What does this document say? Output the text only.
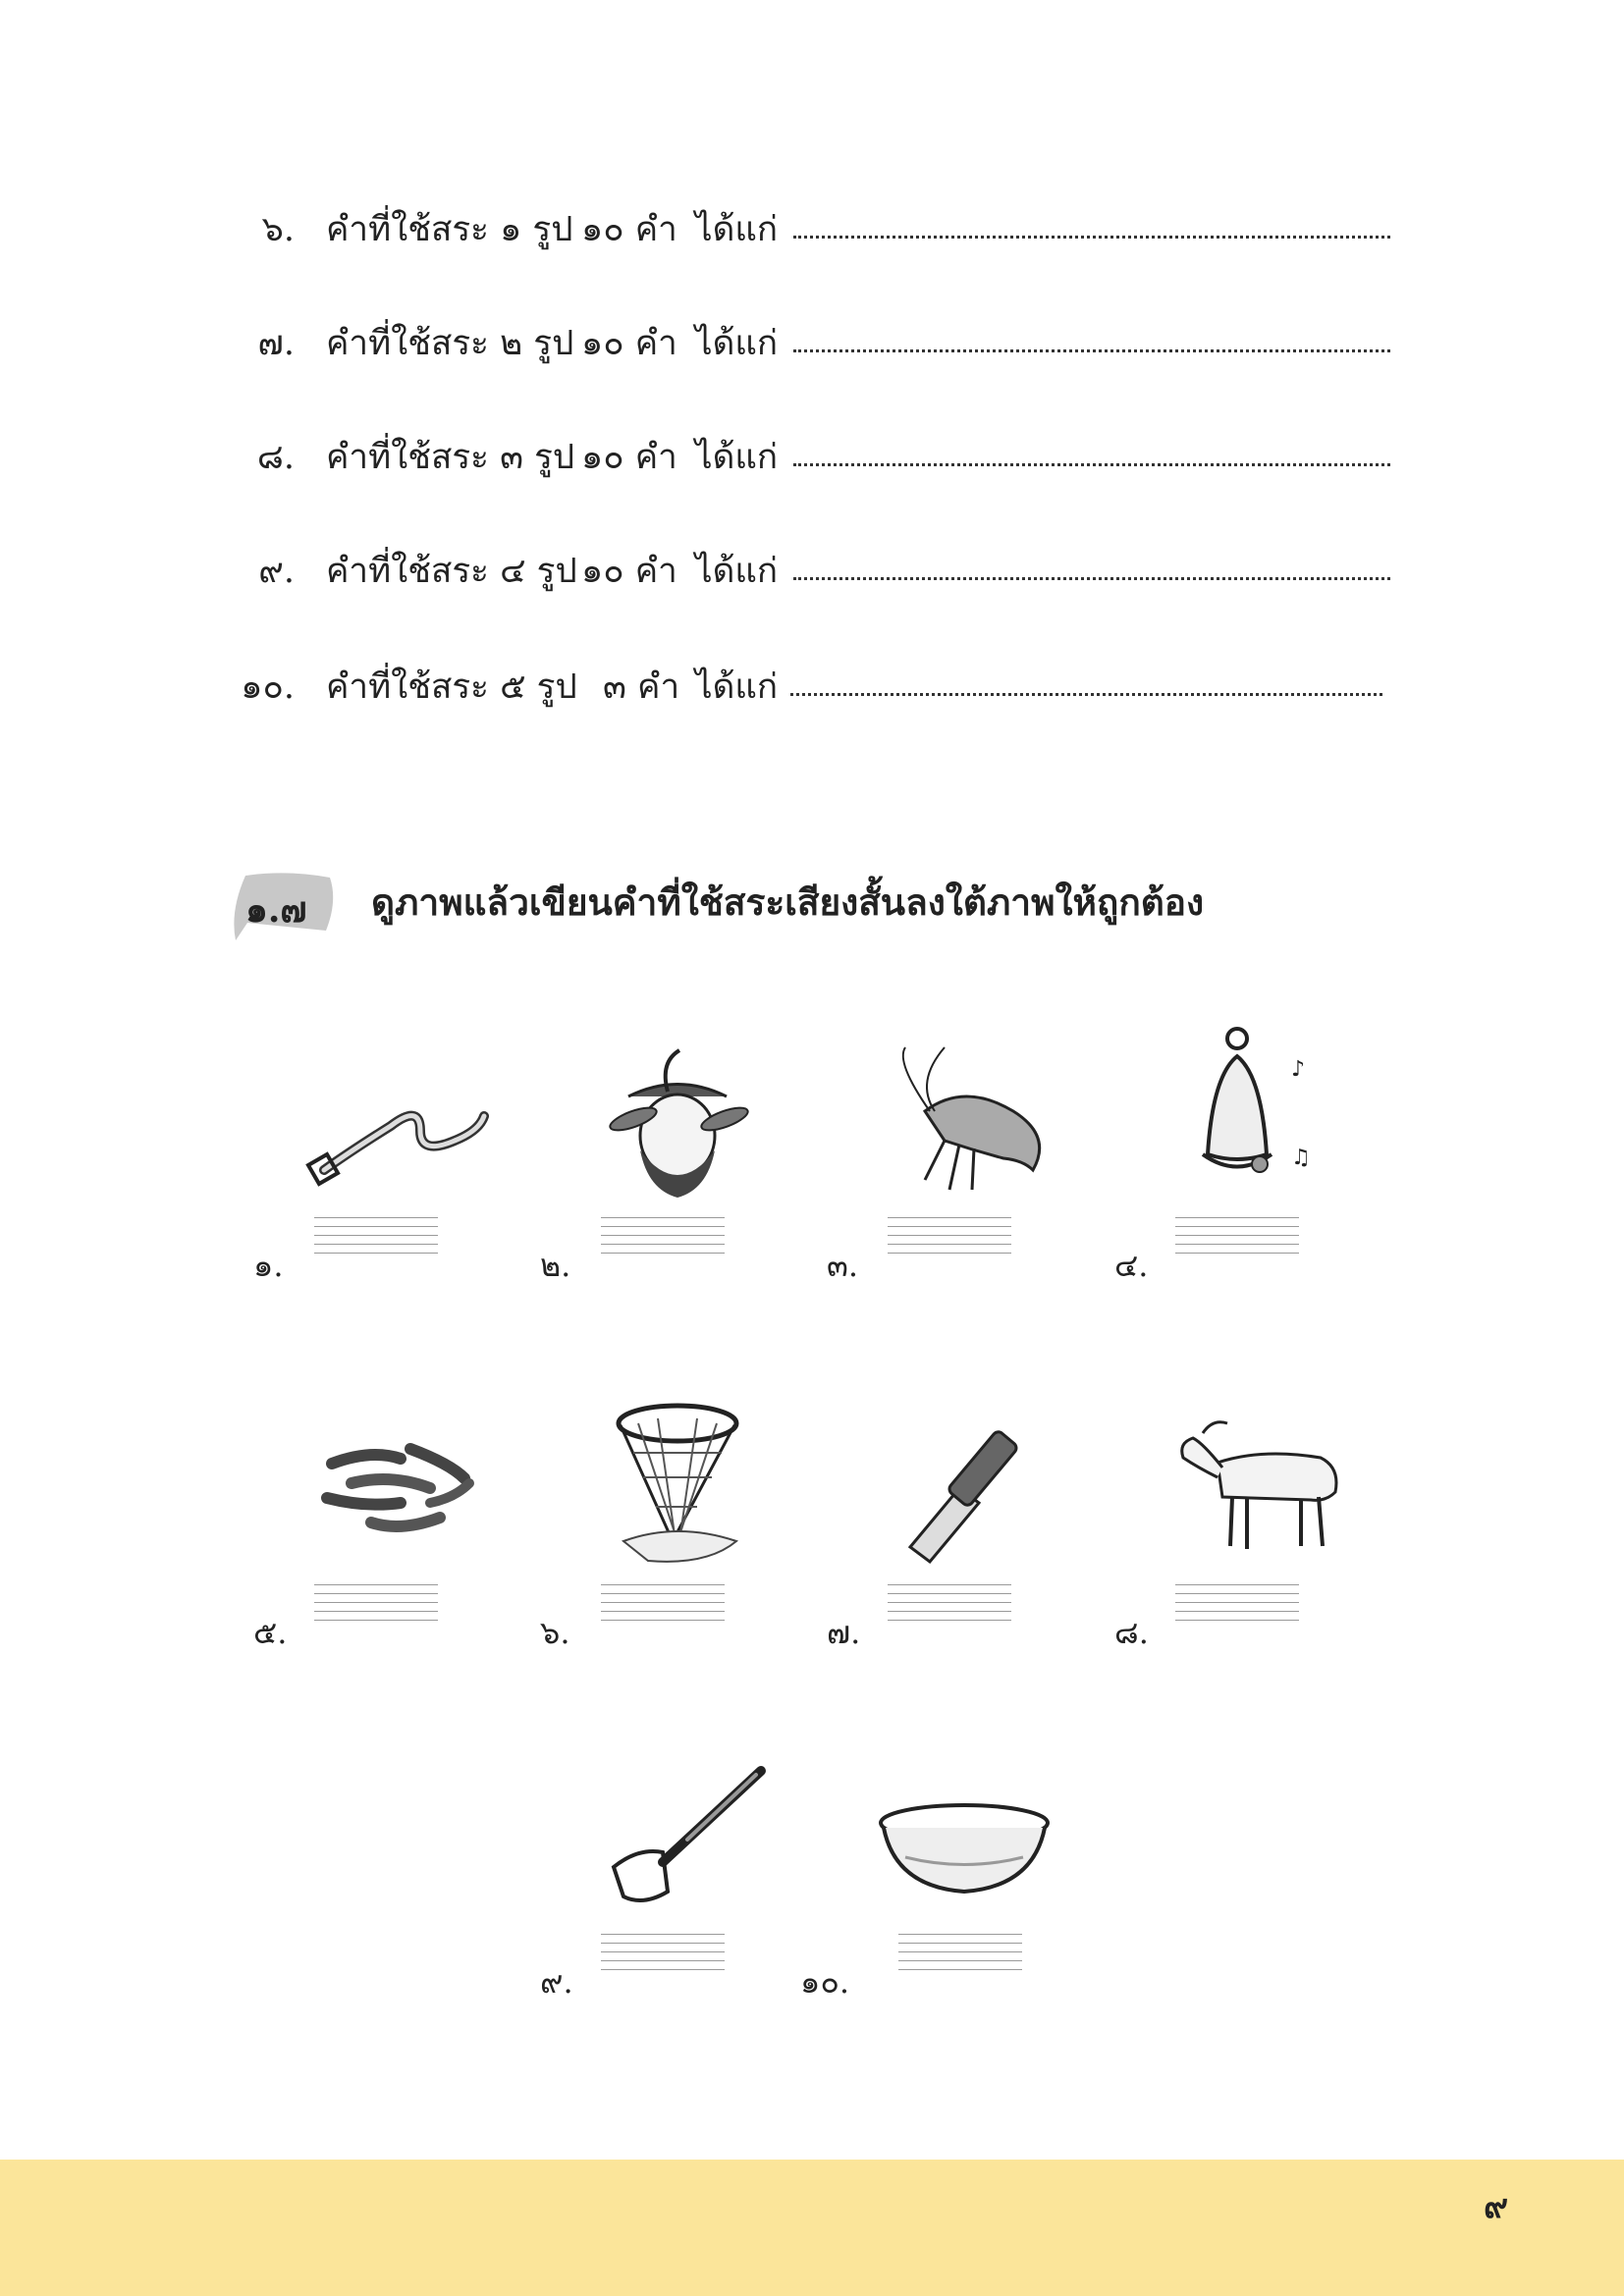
๖. คำที่ใช้สระ ๑ รูป ๑๐ คำ ได้แก่
๗. คำที่ใช้สระ ๒ รูป ๑๐ คำ ได้แก่
๘. คำที่ใช้สระ ๓ รูป ๑๐ คำ ได้แก่
๙. คำที่ใช้สระ ๔ รูป ๑๐ คำ ได้แก่
๑๐. คำที่ใช้สระ ๕ รูป ๓ คำ ได้แก่
๑.๗ ดูภาพแล้วเขียนคำที่ใช้สระเสียงสั้นลงใต้ภาพให้ถูกต้อง
๑.	๒.	๓.
♪
♫
๔.
๕.	๖.	๗.	๘.
๙.	๑๐.
๙
